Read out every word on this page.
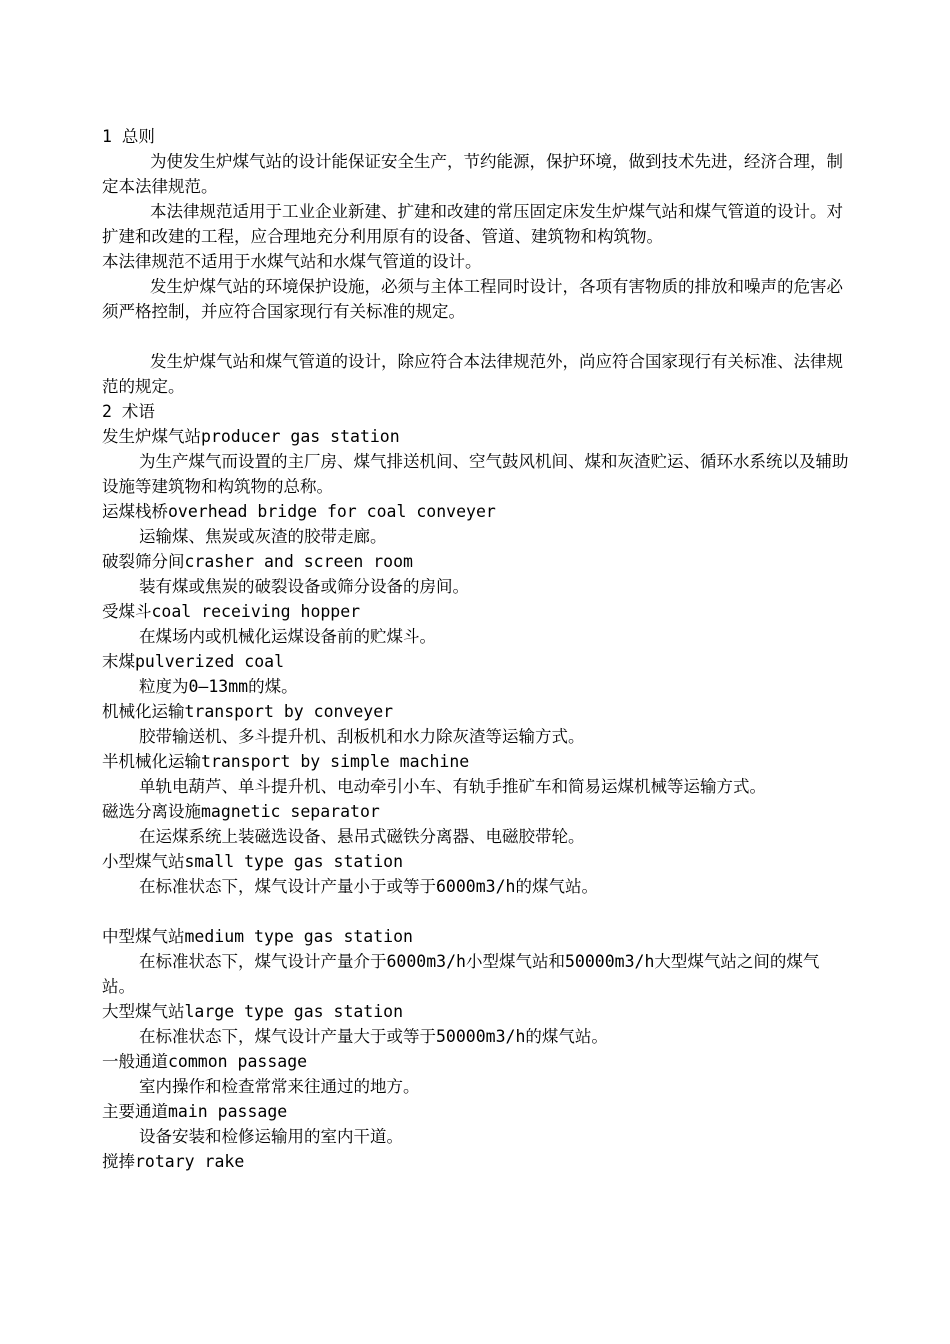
1 总则

为使发生炉煤气站的设计能保证安全生产，节约能源，保护环境，做到技术先进，经济合理，制定本法律规范。

本法律规范适用于工业企业新建、扩建和改建的常压固定床发生炉煤气站和煤气管道的设计。对扩建和改建的工程，应合理地充分利用原有的设备、管道、建筑物和构筑物。

本法律规范不适用于水煤气站和水煤气管道的设计。

发生炉煤气站的环境保护设施，必须与主体工程同时设计，各项有害物质的排放和噪声的危害必须严格控制，并应符合国家现行有关标准的规定。

发生炉煤气站和煤气管道的设计，除应符合本法律规范外，尚应符合国家现行有关标准、法律规范的规定。

2 术语

发生炉煤气站producer gas station

为生产煤气而设置的主厂房、煤气排送机间、空气鼓风机间、煤和灰渣贮运、循环水系统以及辅助设施等建筑物和构筑物的总称。

运煤栈桥overhead bridge for coal conveyer

运输煤、焦炭或灰渣的胶带走廊。

破裂筛分间crasher and screen room

装有煤或焦炭的破裂设备或筛分设备的房间。

受煤斗coal receiving hopper

在煤场内或机械化运煤设备前的贮煤斗。

末煤pulverized coal

粒度为0—13mm的煤。

机械化运输transport by conveyer

胶带输送机、多斗提升机、刮板机和水力除灰渣等运输方式。

半机械化运输transport by simple machine

单轨电葫芦、单斗提升机、电动牵引小车、有轨手推矿车和简易运煤机械等运输方式。

磁选分离设施magnetic separator

在运煤系统上装磁选设备、悬吊式磁铁分离器、电磁胶带轮。

小型煤气站small type gas station

在标准状态下，煤气设计产量小于或等于6000m3/h的煤气站。

中型煤气站medium type gas station

在标准状态下，煤气设计产量介于6000m3/h小型煤气站和50000m3/h大型煤气站之间的煤气站。

大型煤气站large type gas station

在标准状态下，煤气设计产量大于或等于50000m3/h的煤气站。

一般通道common passage

室内操作和检查常常来往通过的地方。

主要通道main passage

设备安装和检修运输用的室内干道。

搅捧rotary rake
